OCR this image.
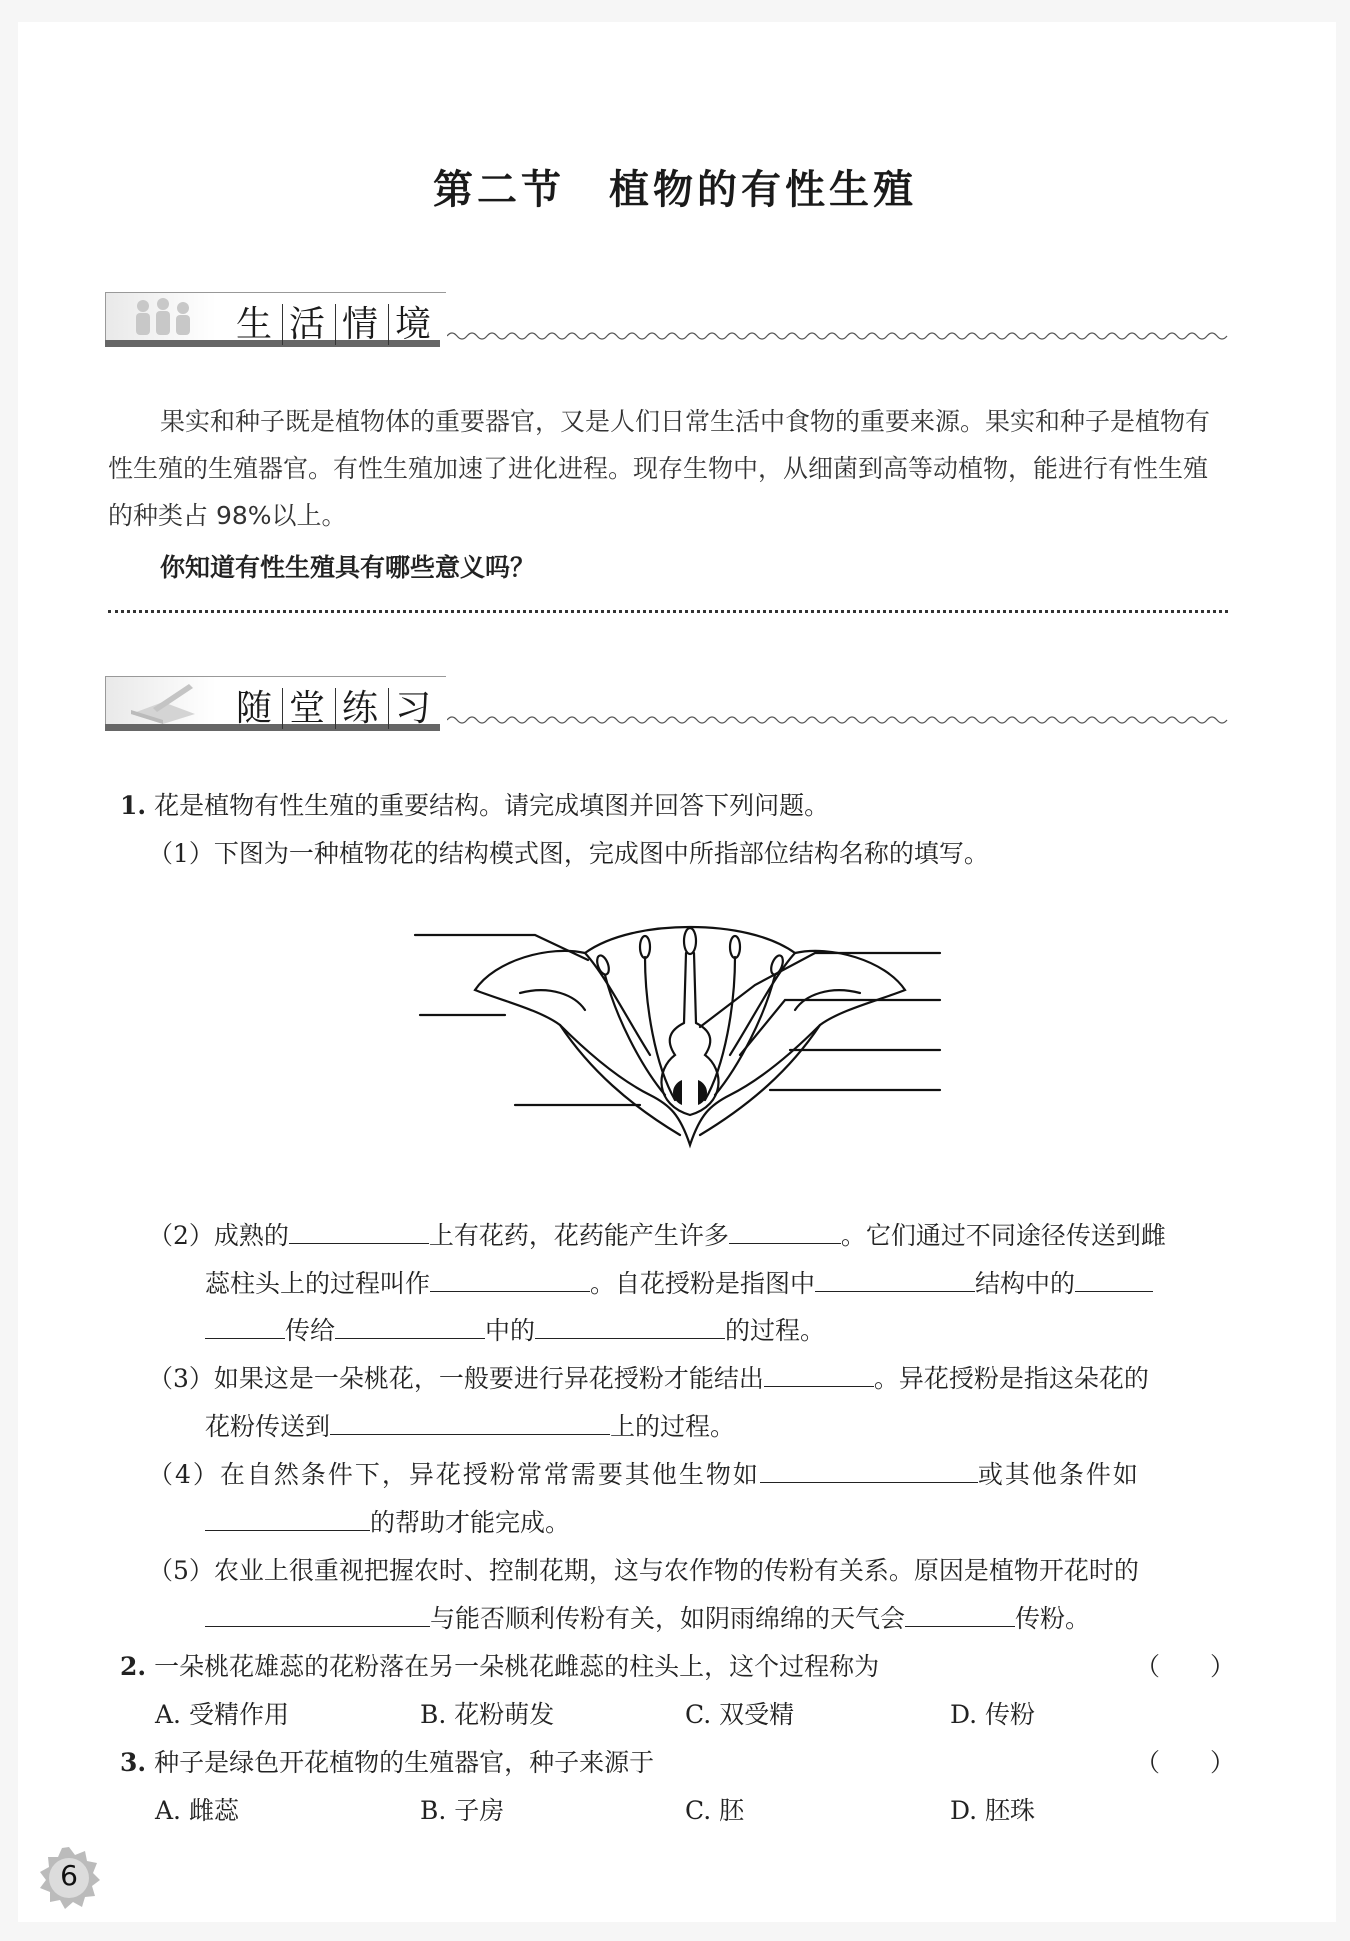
第二节　植物的有性生殖
生 活 情 境
果实和种子既是植物体的重要器官，又是人们日常生活中食物的重要来源。果实和种子是植物有性生殖的生殖器官。有性生殖加速了进化进程。现存生物中，从细菌到高等动植物，能进行有性生殖的种类占 98%以上。
你知道有性生殖具有哪些意义吗？
随 堂 练 习
1. 花是植物有性生殖的重要结构。请完成填图并回答下列问题。
（1）下图为一种植物花的结构模式图，完成图中所指部位结构名称的填写。
（2）成熟的	上有花药，花药能产生许多	。它们通过不同途径传送到雌
蕊柱头上的过程叫作	。自花授粉是指图中	结构中的
传给	中的	的过程。
（3）如果这是一朵桃花，一般要进行异花授粉才能结出	。异花授粉是指这朵花的
花粉传送到	上的过程。
（4）在自然条件下，异花授粉常常需要其他生物如	或其他条件如
的帮助才能完成。
（5）农业上很重视把握农时、控制花期，这与农作物的传粉有关系。原因是植物开花时的
与能否顺利传粉有关，如阴雨绵绵的天气会	传粉。
2. 一朵桃花雄蕊的花粉落在另一朵桃花雌蕊的柱头上，这个过程称为	（　　）
A. 受精作用	B. 花粉萌发	C. 双受精	D. 传粉
3. 种子是绿色开花植物的生殖器官，种子来源于	（　　）
A. 雌蕊	B. 子房	C. 胚	D. 胚珠
6
